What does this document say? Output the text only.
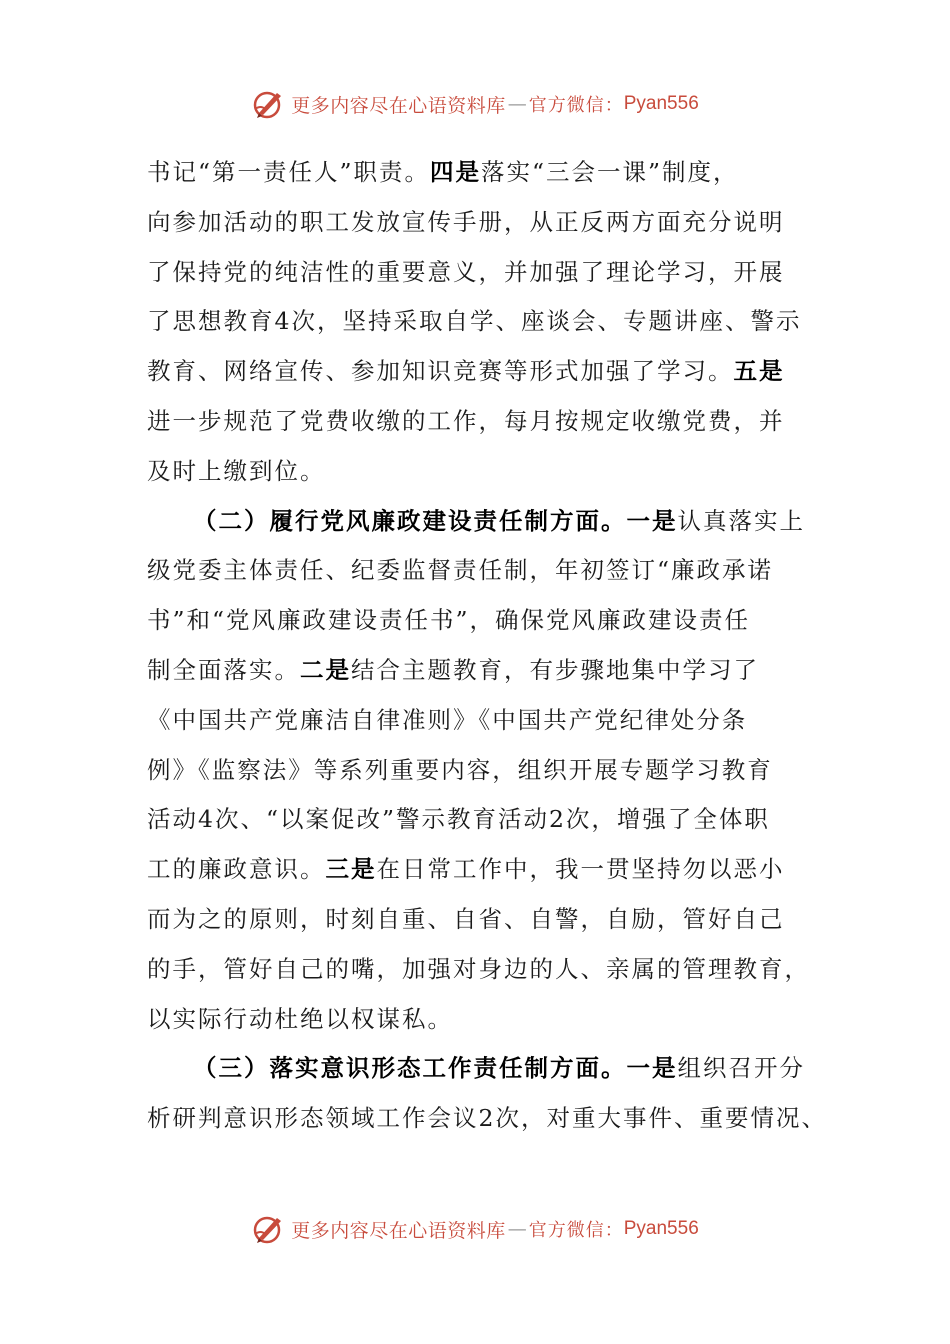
更多内容尽在心语资料库 — 官方微信： Pyan556
书记“第一责任人”职责。四是落实“三会一课”制度，
向参加活动的职工发放宣传手册，从正反两方面充分说明
了保持党的纯洁性的重要意义，并加强了理论学习，开展
了思想教育4次，坚持采取自学、座谈会、专题讲座、警示
教育、网络宣传、参加知识竞赛等形式加强了学习。五是
进一步规范了党费收缴的工作，每月按规定收缴党费，并
及时上缴到位。
（二）履行党风廉政建设责任制方面。一是认真落实上
级党委主体责任、纪委监督责任制，年初签订“廉政承诺
书”和“党风廉政建设责任书”，确保党风廉政建设责任
制全面落实。二是结合主题教育，有步骤地集中学习了
《中国共产党廉洁自律准则》《中国共产党纪律处分条
例》《监察法》等系列重要内容，组织开展专题学习教育
活动4次、“以案促改”警示教育活动2次，增强了全体职
工的廉政意识。三是在日常工作中，我一贯坚持勿以恶小
而为之的原则，时刻自重、自省、自警，自励，管好自己
的手，管好自己的嘴，加强对身边的人、亲属的管理教育，
以实际行动杜绝以权谋私。
（三）落实意识形态工作责任制方面。一是组织召开分
析研判意识形态领域工作会议2次，对重大事件、重要情况、
更多内容尽在心语资料库 — 官方微信： Pyan556
